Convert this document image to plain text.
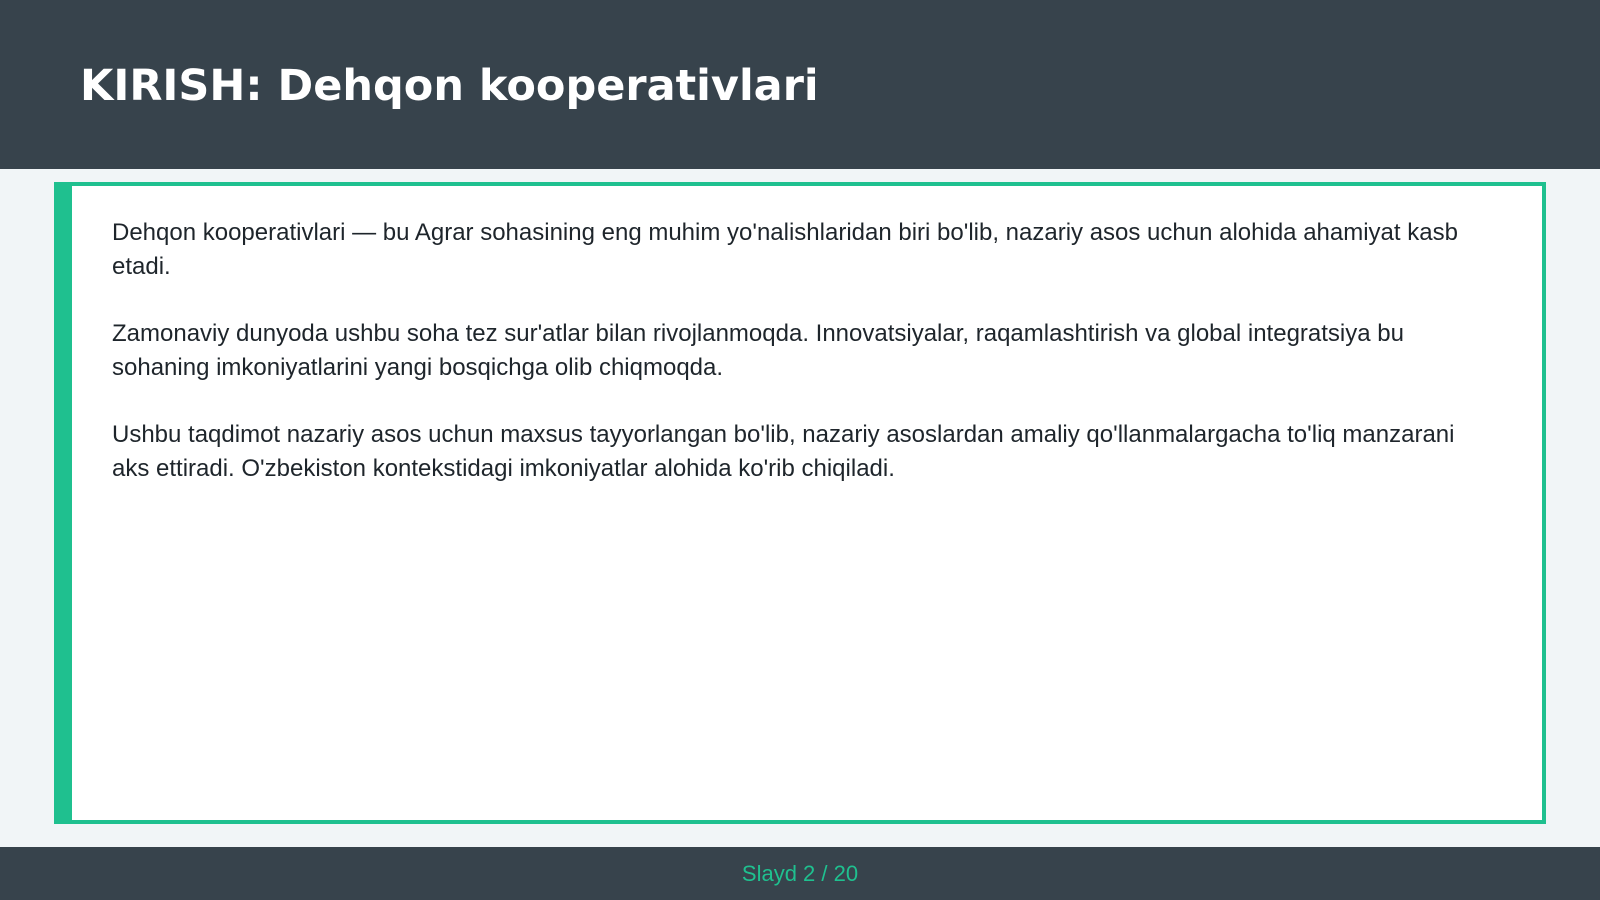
KIRISH: Dehqon kooperativlari

Dehqon kooperativlari — bu Agrar sohasining eng muhim yo'nalishlaridan biri bo'lib, nazariy asos uchun alohida ahamiyat kasb etadi.

Zamonaviy dunyoda ushbu soha tez sur'atlar bilan rivojlanmoqda. Innovatsiyalar, raqamlashtirish va global integratsiya bu sohaning imkoniyatlarini yangi bosqichga olib chiqmoqda.

Ushbu taqdimot nazariy asos uchun maxsus tayyorlangan bo'lib, nazariy asoslardan amaliy qo'llanmalargacha to'liq manzarani aks ettiradi. O'zbekiston kontekstidagi imkoniyatlar alohida ko'rib chiqiladi.

Slayd 2 / 20
